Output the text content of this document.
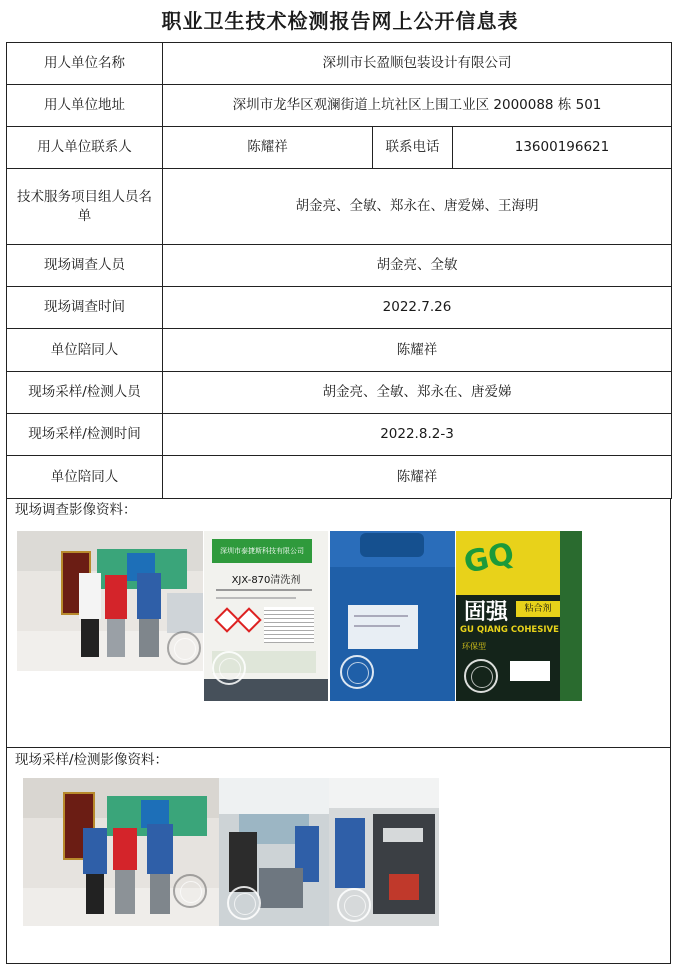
职业卫生技术检测报告网上公开信息表
用人单位名称	深圳市长盈顺包装设计有限公司		
用人单位地址	深圳市龙华区观澜街道上坑社区上围工业区 2000088 栋 501		
用人单位联系人	陈耀祥	联系电话	13600196621
技术服务项目组人员名单	胡金亮、全敏、郑永在、唐爱娣、王海明		
现场调查人员	胡金亮、全敏		
现场调查时间	2022.7.26		
单位陪同人	陈耀祥		
现场采样/检测人员	胡金亮、全敏、郑永在、唐爱娣		
现场采样/检测时间	2022.8.2-3		
单位陪同人	陈耀祥		
现场调查影像资料：
深圳市泰捷斯科技有限公司
XJX-870清洗剂	GQ
固强	粘合剂
GU QIANG COHESIVE
环保型
现场采样/检测影像资料：
